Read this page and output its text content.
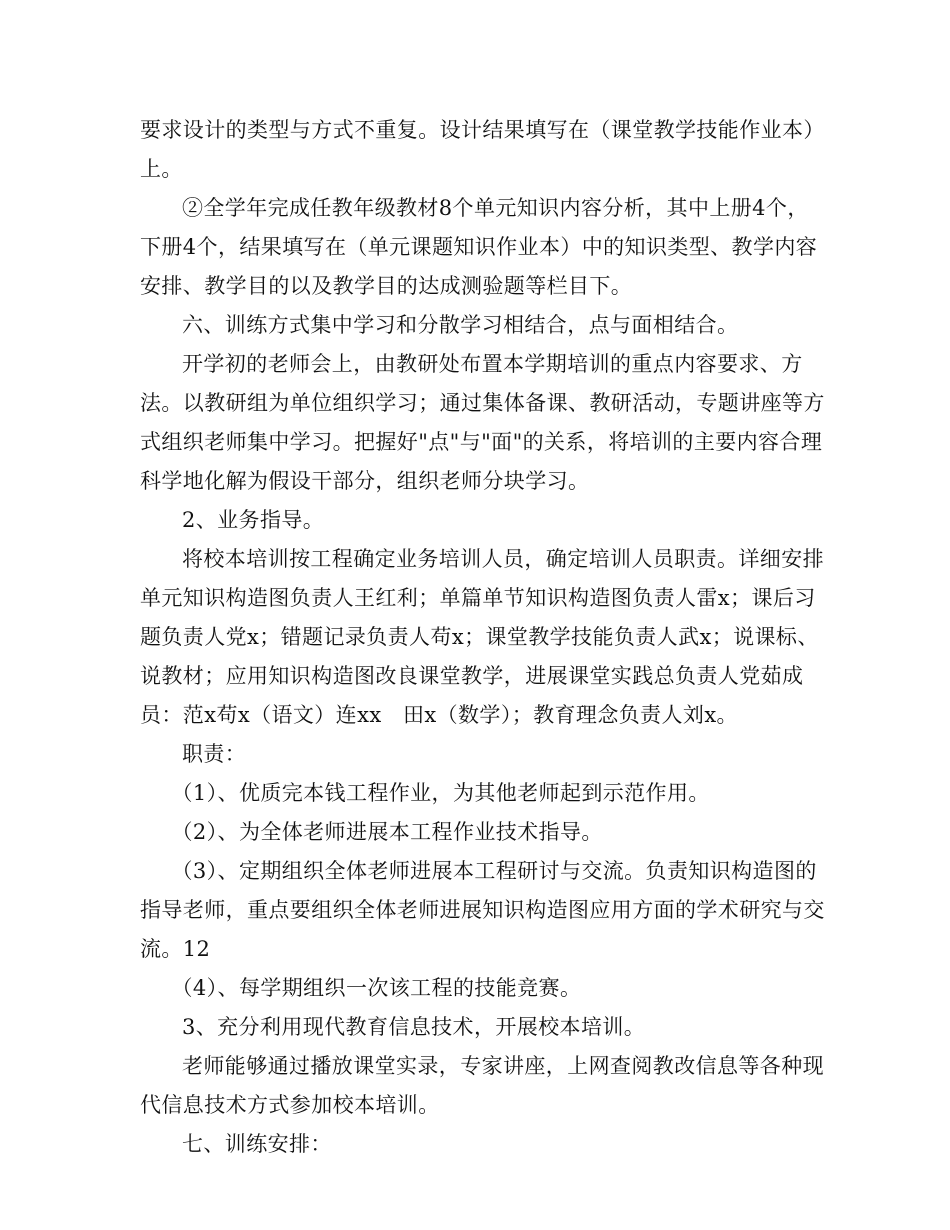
要求设计的类型与方式不重复。设计结果填写在（课堂教学技能作业本）上。

②全学年完成任教年级教材8个单元知识内容分析，其中上册4个，下册4个，结果填写在（单元课题知识作业本）中的知识类型、教学内容安排、教学目的以及教学目的达成测验题等栏目下。

六、训练方式集中学习和分散学习相结合，点与面相结合。

开学初的老师会上，由教研处布置本学期培训的重点内容要求、方法。以教研组为单位组织学习；通过集体备课、教研活动，专题讲座等方式组织老师集中学习。把握好"点"与"面"的关系，将培训的主要内容合理科学地化解为假设干部分，组织老师分块学习。

2、业务指导。

将校本培训按工程确定业务培训人员，确定培训人员职责。详细安排单元知识构造图负责人王红利；单篇单节知识构造图负责人雷x；课后习题负责人党x；错题记录负责人苟x；课堂教学技能负责人武x；说课标、说教材；应用知识构造图改良课堂教学，进展课堂实践总负责人党茹成员：范x苟x（语文）连xx　田x（数学）；教育理念负责人刘x。

职责：

（1）、优质完本钱工程作业，为其他老师起到示范作用。

（2）、为全体老师进展本工程作业技术指导。

（3）、定期组织全体老师进展本工程研讨与交流。负责知识构造图的指导老师，重点要组织全体老师进展知识构造图应用方面的学术研究与交流。12

（4）、每学期组织一次该工程的技能竞赛。

3、充分利用现代教育信息技术，开展校本培训。

老师能够通过播放课堂实录，专家讲座，上网查阅教改信息等各种现代信息技术方式参加校本培训。

七、训练安排：
